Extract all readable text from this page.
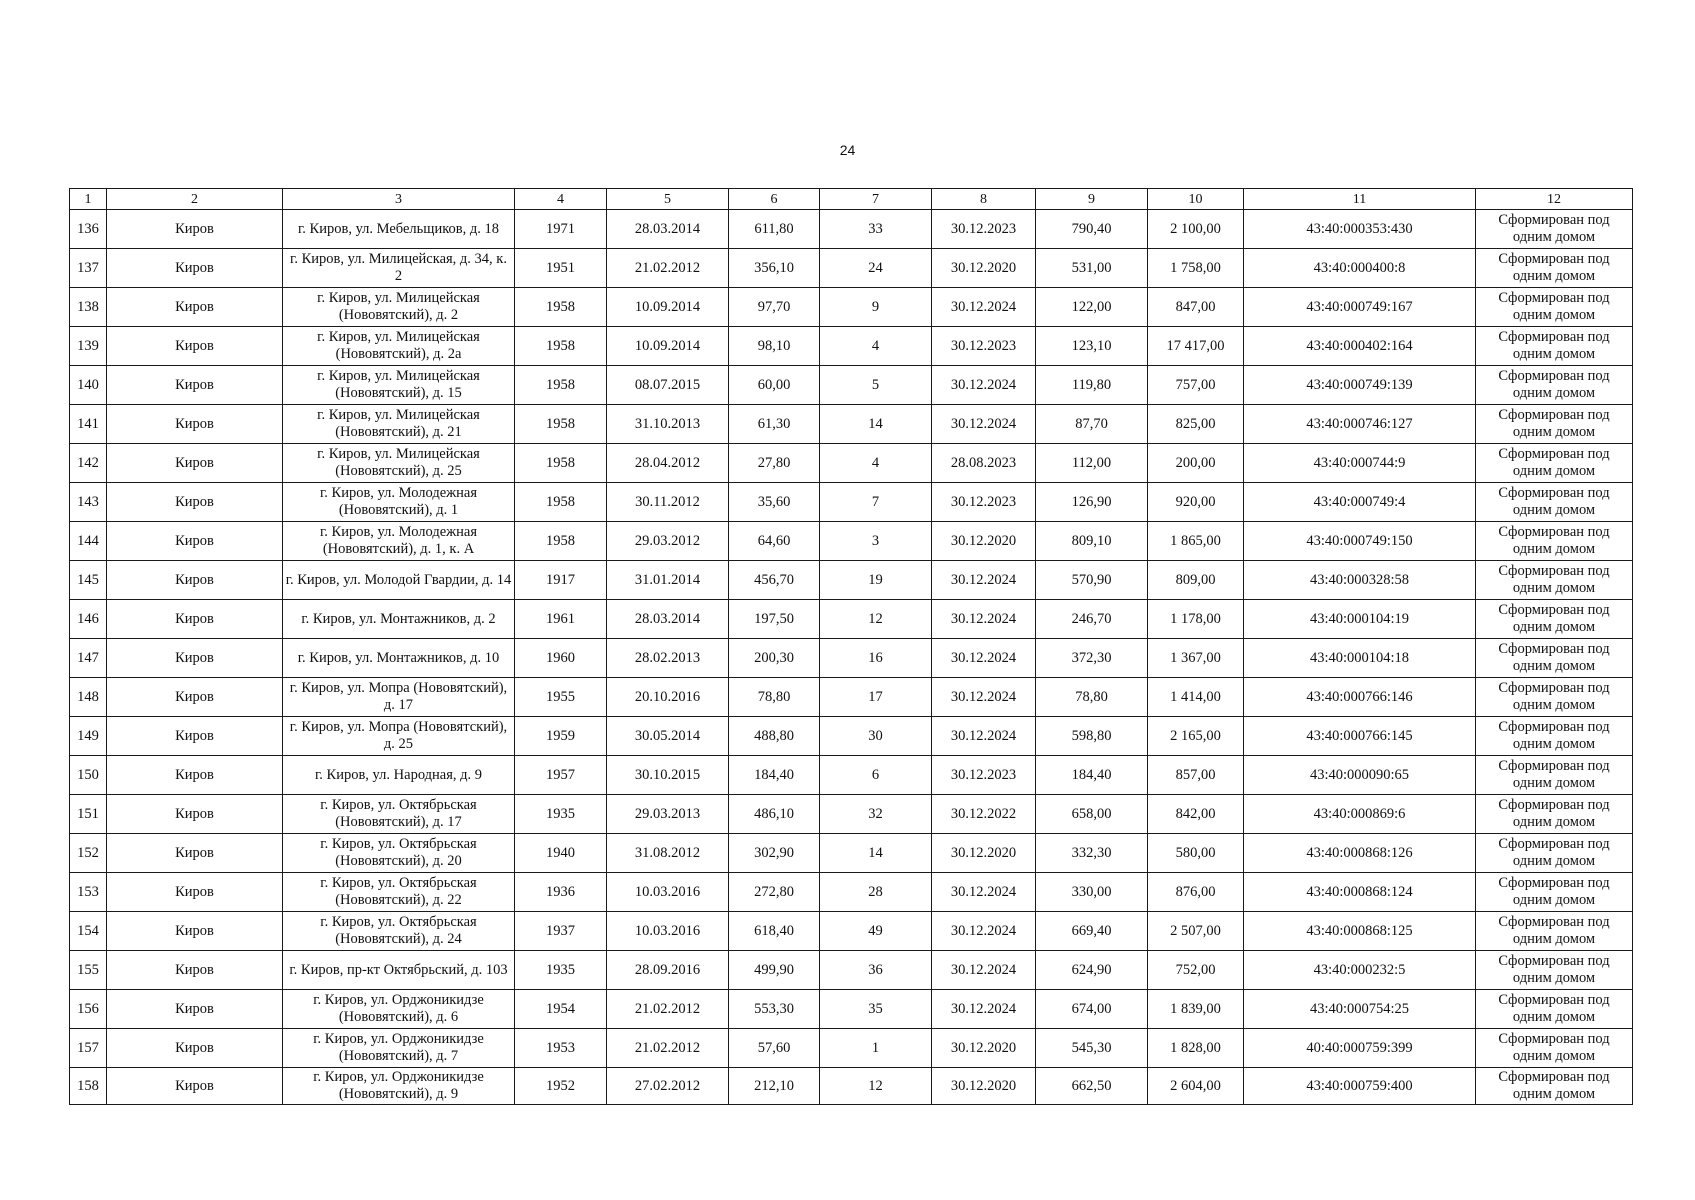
24
1	2	3	4	5	6	7	8	9	10	11	12
136	Киров	г. Киров, ул. Мебельщиков, д. 18	1971	28.03.2014	611,80	33	30.12.2023	790,40	2 100,00	43:40:000353:430	Сформирован под одним домом
137	Киров	г. Киров, ул. Милицейская, д. 34, к. 2	1951	21.02.2012	356,10	24	30.12.2020	531,00	1 758,00	43:40:000400:8	Сформирован под одним домом
138	Киров	г. Киров, ул. Милицейская (Нововятский), д. 2	1958	10.09.2014	97,70	9	30.12.2024	122,00	847,00	43:40:000749:167	Сформирован под одним домом
139	Киров	г. Киров, ул. Милицейская (Нововятский), д. 2а	1958	10.09.2014	98,10	4	30.12.2023	123,10	17 417,00	43:40:000402:164	Сформирован под одним домом
140	Киров	г. Киров, ул. Милицейская (Нововятский), д. 15	1958	08.07.2015	60,00	5	30.12.2024	119,80	757,00	43:40:000749:139	Сформирован под одним домом
141	Киров	г. Киров, ул. Милицейская (Нововятский), д. 21	1958	31.10.2013	61,30	14	30.12.2024	87,70	825,00	43:40:000746:127	Сформирован под одним домом
142	Киров	г. Киров, ул. Милицейская (Нововятский), д. 25	1958	28.04.2012	27,80	4	28.08.2023	112,00	200,00	43:40:000744:9	Сформирован под одним домом
143	Киров	г. Киров, ул. Молодежная (Нововятский), д. 1	1958	30.11.2012	35,60	7	30.12.2023	126,90	920,00	43:40:000749:4	Сформирован под одним домом
144	Киров	г. Киров, ул. Молодежная (Нововятский), д. 1, к. А	1958	29.03.2012	64,60	3	30.12.2020	809,10	1 865,00	43:40:000749:150	Сформирован под одним домом
145	Киров	г. Киров, ул. Молодой Гвардии, д. 14	1917	31.01.2014	456,70	19	30.12.2024	570,90	809,00	43:40:000328:58	Сформирован под одним домом
146	Киров	г. Киров, ул. Монтажников, д. 2	1961	28.03.2014	197,50	12	30.12.2024	246,70	1 178,00	43:40:000104:19	Сформирован под одним домом
147	Киров	г. Киров, ул. Монтажников, д. 10	1960	28.02.2013	200,30	16	30.12.2024	372,30	1 367,00	43:40:000104:18	Сформирован под одним домом
148	Киров	г. Киров, ул. Мопра (Нововятский), д. 17	1955	20.10.2016	78,80	17	30.12.2024	78,80	1 414,00	43:40:000766:146	Сформирован под одним домом
149	Киров	г. Киров, ул. Мопра (Нововятский), д. 25	1959	30.05.2014	488,80	30	30.12.2024	598,80	2 165,00	43:40:000766:145	Сформирован под одним домом
150	Киров	г. Киров, ул. Народная, д. 9	1957	30.10.2015	184,40	6	30.12.2023	184,40	857,00	43:40:000090:65	Сформирован под одним домом
151	Киров	г. Киров, ул. Октябрьская (Нововятский), д. 17	1935	29.03.2013	486,10	32	30.12.2022	658,00	842,00	43:40:000869:6	Сформирован под одним домом
152	Киров	г. Киров, ул. Октябрьская (Нововятский), д. 20	1940	31.08.2012	302,90	14	30.12.2020	332,30	580,00	43:40:000868:126	Сформирован под одним домом
153	Киров	г. Киров, ул. Октябрьская (Нововятский), д. 22	1936	10.03.2016	272,80	28	30.12.2024	330,00	876,00	43:40:000868:124	Сформирован под одним домом
154	Киров	г. Киров, ул. Октябрьская (Нововятский), д. 24	1937	10.03.2016	618,40	49	30.12.2024	669,40	2 507,00	43:40:000868:125	Сформирован под одним домом
155	Киров	г. Киров, пр-кт Октябрьский, д. 103	1935	28.09.2016	499,90	36	30.12.2024	624,90	752,00	43:40:000232:5	Сформирован под одним домом
156	Киров	г. Киров, ул. Орджоникидзе (Нововятский), д. 6	1954	21.02.2012	553,30	35	30.12.2024	674,00	1 839,00	43:40:000754:25	Сформирован под одним домом
157	Киров	г. Киров, ул. Орджоникидзе (Нововятский), д. 7	1953	21.02.2012	57,60	1	30.12.2020	545,30	1 828,00	40:40:000759:399	Сформирован под одним домом
158	Киров	г. Киров, ул. Орджоникидзе (Нововятский), д. 9	1952	27.02.2012	212,10	12	30.12.2020	662,50	2 604,00	43:40:000759:400	Сформирован под одним домом
